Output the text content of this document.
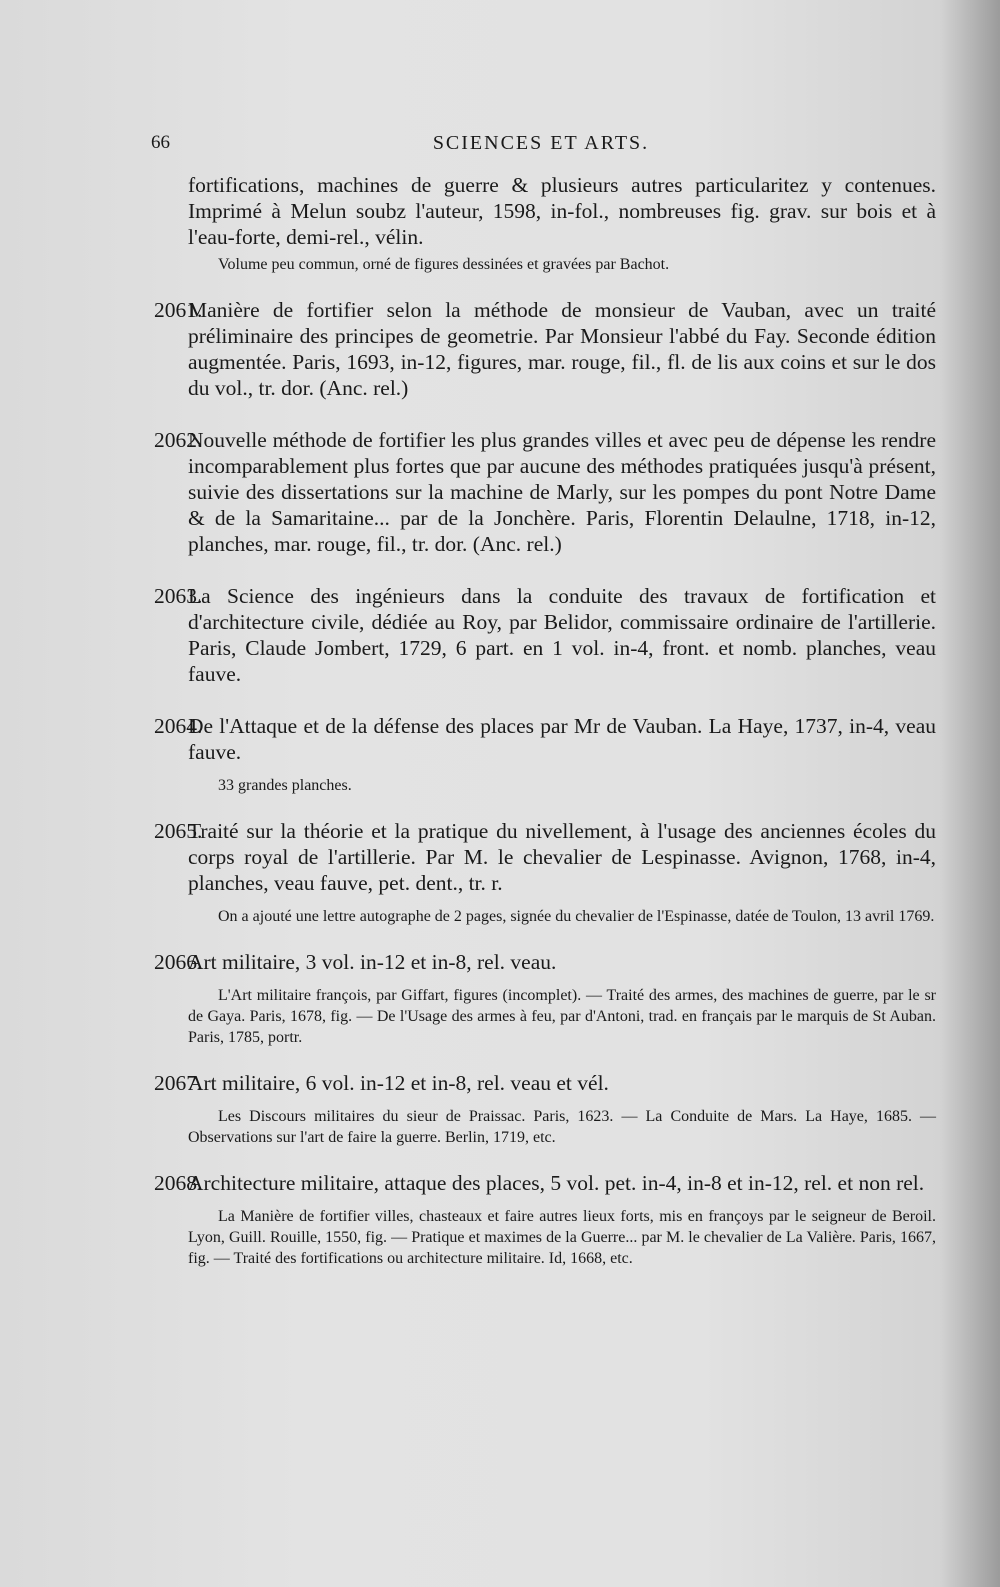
66	SCIENCES ET ARTS.

fortifications, machines de guerre & plusieurs autres particularitez y contenues. Imprimé à Melun soubz l'auteur, 1598, in-fol., nombreuses fig. grav. sur bois et à l'eau-forte, demi-rel., vélin.

Volume peu commun, orné de figures dessinées et gravées par Bachot.

2061.Manière de fortifier selon la méthode de monsieur de Vauban, avec un traité préliminaire des principes de geometrie. Par Monsieur l'abbé du Fay. Seconde édition augmentée. Paris, 1693, in-12, figures, mar. rouge, fil., fl. de lis aux coins et sur le dos du vol., tr. dor. (Anc. rel.)

2062.Nouvelle méthode de fortifier les plus grandes villes et avec peu de dépense les rendre incomparablement plus fortes que par aucune des méthodes pratiquées jusqu'à présent, suivie des dissertations sur la machine de Marly, sur les pompes du pont Notre Dame & de la Samaritaine... par de la Jonchère. Paris, Florentin Delaulne, 1718, in-12, planches, mar. rouge, fil., tr. dor. (Anc. rel.)

2063.La Science des ingénieurs dans la conduite des travaux de fortification et d'architecture civile, dédiée au Roy, par Belidor, commissaire ordinaire de l'artillerie. Paris, Claude Jombert, 1729, 6 part. en 1 vol. in-4, front. et nomb. planches, veau fauve.

2064.De l'Attaque et de la défense des places par Mr de Vauban. La Haye, 1737, in-4, veau fauve.

33 grandes planches.

2065.Traité sur la théorie et la pratique du nivellement, à l'usage des anciennes écoles du corps royal de l'artillerie. Par M. le chevalier de Lespinasse. Avignon, 1768, in-4, planches, veau fauve, pet. dent., tr. r.

On a ajouté une lettre autographe de 2 pages, signée du chevalier de l'Espinasse, datée de Toulon, 13 avril 1769.

2066.Art militaire, 3 vol. in-12 et in-8, rel. veau.

L'Art militaire françois, par Giffart, figures (incomplet). — Traité des armes, des machines de guerre, par le sr de Gaya. Paris, 1678, fig. — De l'Usage des armes à feu, par d'Antoni, trad. en français par le marquis de St Auban. Paris, 1785, portr.

2067.Art militaire, 6 vol. in-12 et in-8, rel. veau et vél.

Les Discours militaires du sieur de Praissac. Paris, 1623. — La Conduite de Mars. La Haye, 1685. — Observations sur l'art de faire la guerre. Berlin, 1719, etc.

2068.Architecture militaire, attaque des places, 5 vol. pet. in-4, in-8 et in-12, rel. et non rel.

La Manière de fortifier villes, chasteaux et faire autres lieux forts, mis en françoys par le seigneur de Beroil. Lyon, Guill. Rouille, 1550, fig. — Pratique et maximes de la Guerre... par M. le chevalier de La Valière. Paris, 1667, fig. — Traité des fortifications ou architecture militaire. Id, 1668, etc.
